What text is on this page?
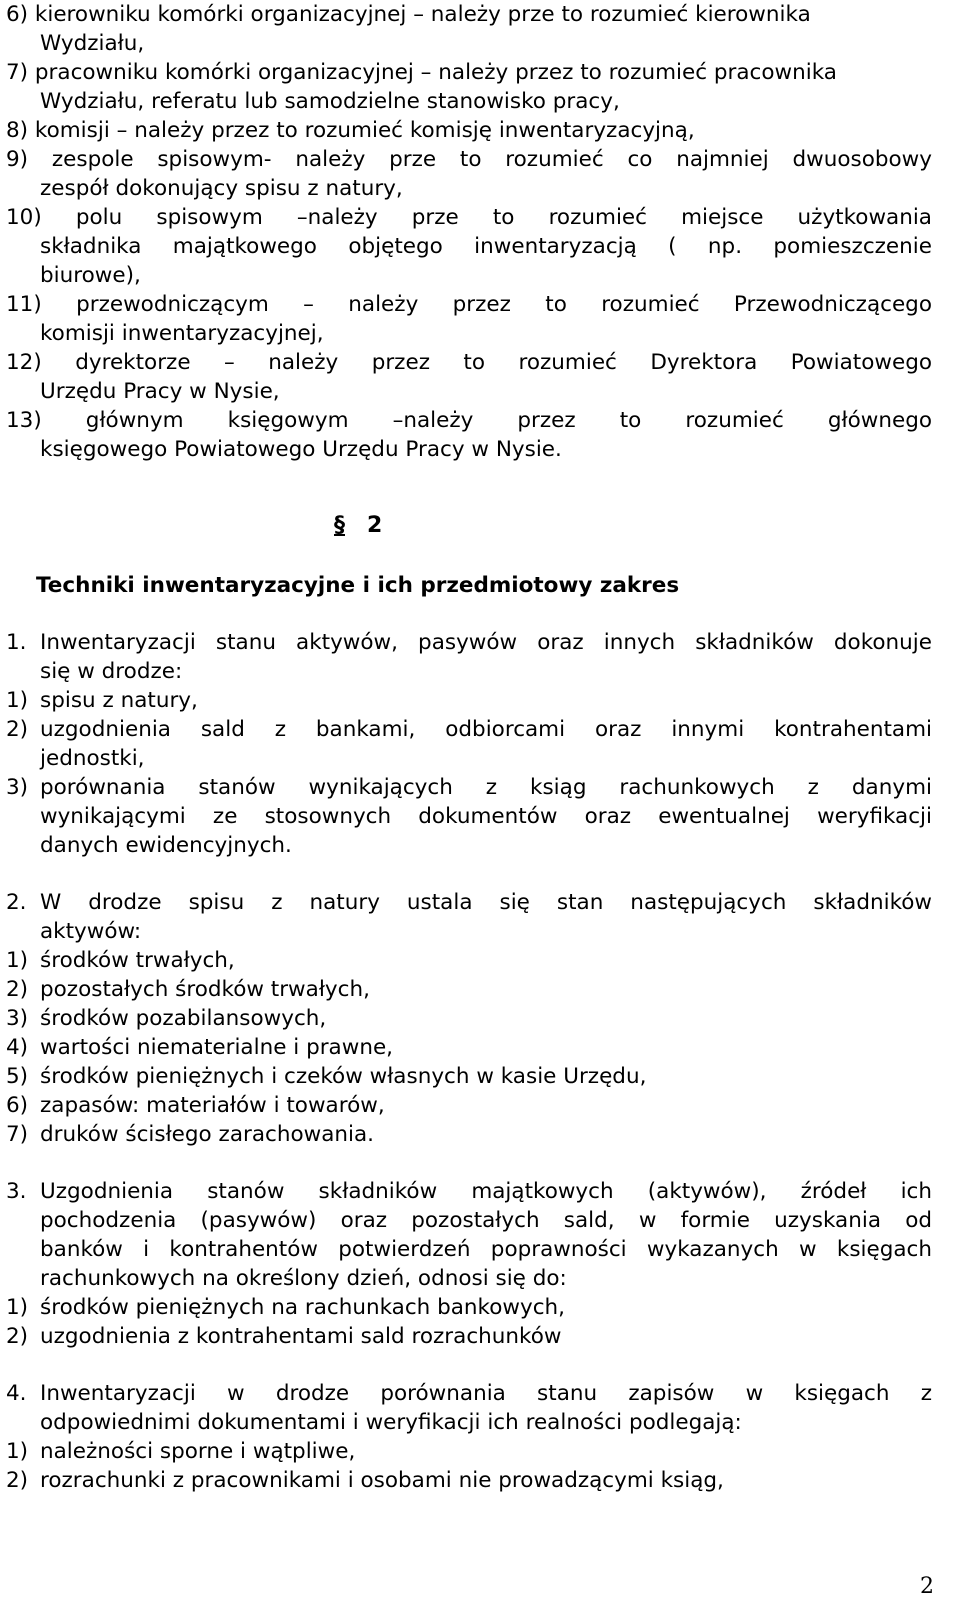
6) kierowniku komórki organizacyjnej – należy prze to rozumieć kierownika
Wydziału,
7) pracowniku komórki organizacyjnej – należy przez to rozumieć pracownika
Wydziału, referatu lub samodzielne stanowisko pracy,
8) komisji – należy przez to rozumieć komisję inwentaryzacyjną,
9) zespole spisowym- należy prze to rozumieć co najmniej dwuosobowy
zespół dokonujący spisu z natury,
10) polu spisowym –należy prze to rozumieć miejsce użytkowania
składnika majątkowego objętego inwentaryzacją ( np. pomieszczenie
biurowe),
11) przewodniczącym – należy przez to rozumieć Przewodniczącego
komisji inwentaryzacyjnej,
12) dyrektorze – należy przez to rozumieć Dyrektora Powiatowego
Urzędu Pracy w Nysie,
13) głównym księgowym –należy przez to rozumieć głównego
księgowego Powiatowego Urzędu Pracy w Nysie.
§ 2
Techniki inwentaryzacyjne i ich przedmiotowy zakres
1. Inwentaryzacji stanu aktywów, pasywów oraz innych składników dokonuje
się w drodze:
1) spisu z natury,
2) uzgodnienia sald z bankami, odbiorcami oraz innymi kontrahentami
jednostki,
3) porównania stanów wynikających z ksiąg rachunkowych z danymi
wynikającymi ze stosownych dokumentów oraz ewentualnej weryfikacji
danych ewidencyjnych.
2. W drodze spisu z natury ustala się stan następujących składników
aktywów:
1) środków trwałych,
2) pozostałych środków trwałych,
3) środków pozabilansowych,
4) wartości niematerialne i prawne,
5) środków pieniężnych i czeków własnych w kasie Urzędu,
6) zapasów: materiałów i towarów,
7) druków ścisłego zarachowania.
3. Uzgodnienia stanów składników majątkowych (aktywów), źródeł ich
pochodzenia (pasywów) oraz pozostałych sald, w formie uzyskania od
banków i kontrahentów potwierdzeń poprawności wykazanych w księgach
rachunkowych na określony dzień, odnosi się do:
1) środków pieniężnych na rachunkach bankowych,
2) uzgodnienia z kontrahentami sald rozrachunków
4. Inwentaryzacji w drodze porównania stanu zapisów w księgach z
odpowiednimi dokumentami i weryfikacji ich realności podlegają:
1) należności sporne i wątpliwe,
2) rozrachunki z pracownikami i osobami nie prowadzącymi ksiąg,
2
